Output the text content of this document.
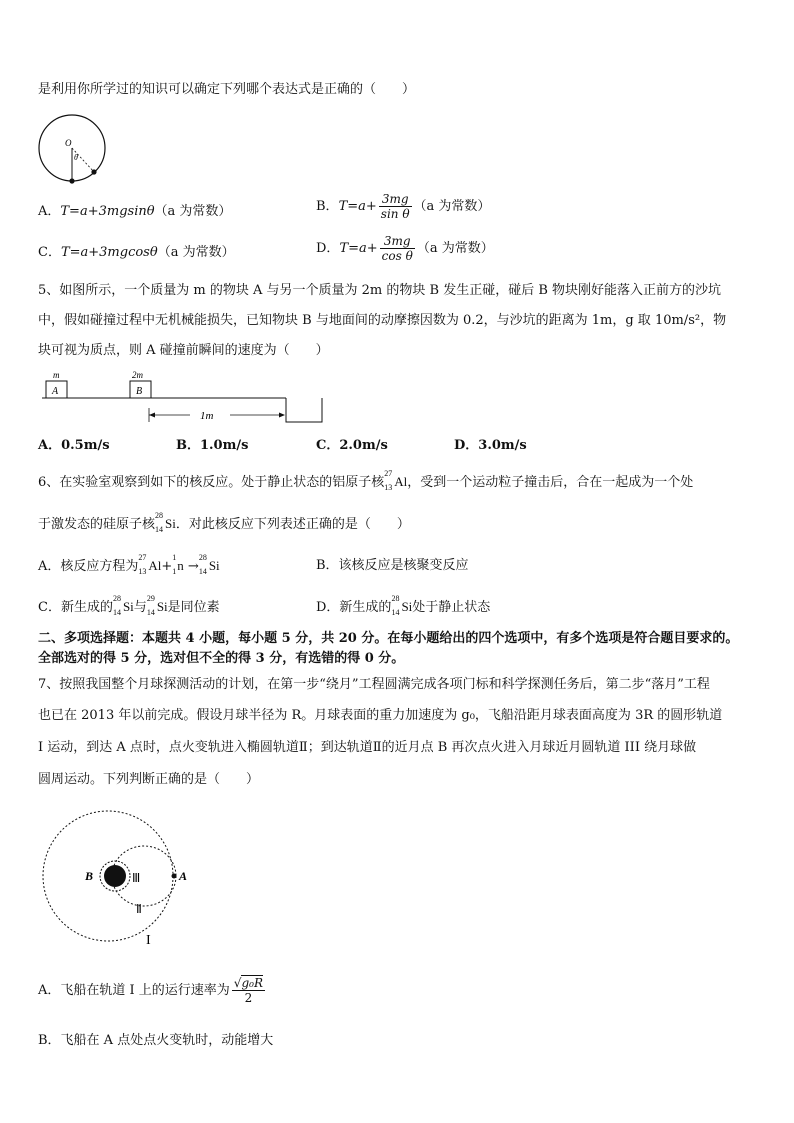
是利用你所学过的知识可以确定下列哪个表达式是正确的（　　）
O
θ
A．T=a+3mgsinθ（a 为常数）	B．$T=a+ \frac{3mg}{\text{sin θ}} (a$ 为常数）
C．T=a+3mgcosθ（a 为常数）	D．$T=a+ \frac{3mg}{\text{cos θ}} (a$ 为常数）
5、如图所示，一个质量为 m 的物块 A 与另一个质量为 2m 的物块 B 发生正碰，碰后 B 物块刚好能落入正前方的沙坑
中，假如碰撞过程中无机械能损失，已知物块 B 与地面间的动摩擦因数为 0.2，与沙坑的距离为 1m，g 取 10m/s²，物
块可视为质点，则 A 碰撞前瞬间的速度为（　　）
m
A
2m
B
1m
A．0.5m/s	B．1.0m/s	C．2.0m/s	D．3.0m/s
6、在实验室观察到如下的核反应。处于静止状态的铝原子核
27
13 Al，受到一个运动粒子撞击后，合在一起成为一个处
于激发态的硅原子核
28
14 Si．对此核反应下列表述正确的是（　　）
A．核反应方程为
27
13 Al+
1
1 n →
28
14 Si	B．该核反应是核聚变反应
C．新生成的
28
14 Si与
29
14 Si是同位素	D．新生成的
28
14 Si处于静止状态
二、多项选择题：本题共 4 小题，每小题 5 分，共 20 分。在每小题给出的四个选项中，有多个选项是符合题目要求的。
全部选对的得 5 分，选对但不全的得 3 分，有选错的得 0 分。
7、按照我国整个月球探测活动的计划，在第一步“绕月”工程圆满完成各项门标和科学探测任务后，第二步“落月”工程
也已在 2013 年以前完成。假设月球半径为 R。月球表面的重力加速度为 g₀，飞船沿距月球表面高度为 3R 的圆形轨道
I 运动，到达 A 点时，点火变轨进入椭圆轨道Ⅱ；到达轨道Ⅱ的近月点 B 再次点火进入月球近月圆轨道 III 绕月球做
圆周运动。下列判断正确的是（　　）
B	A
Ⅲ
Ⅱ
I
A．飞船在轨道 I 上的运行速率为 $\frac{\text{√g₀R}}{2}$
B．飞船在 A 点处点火变轨时，动能增大
